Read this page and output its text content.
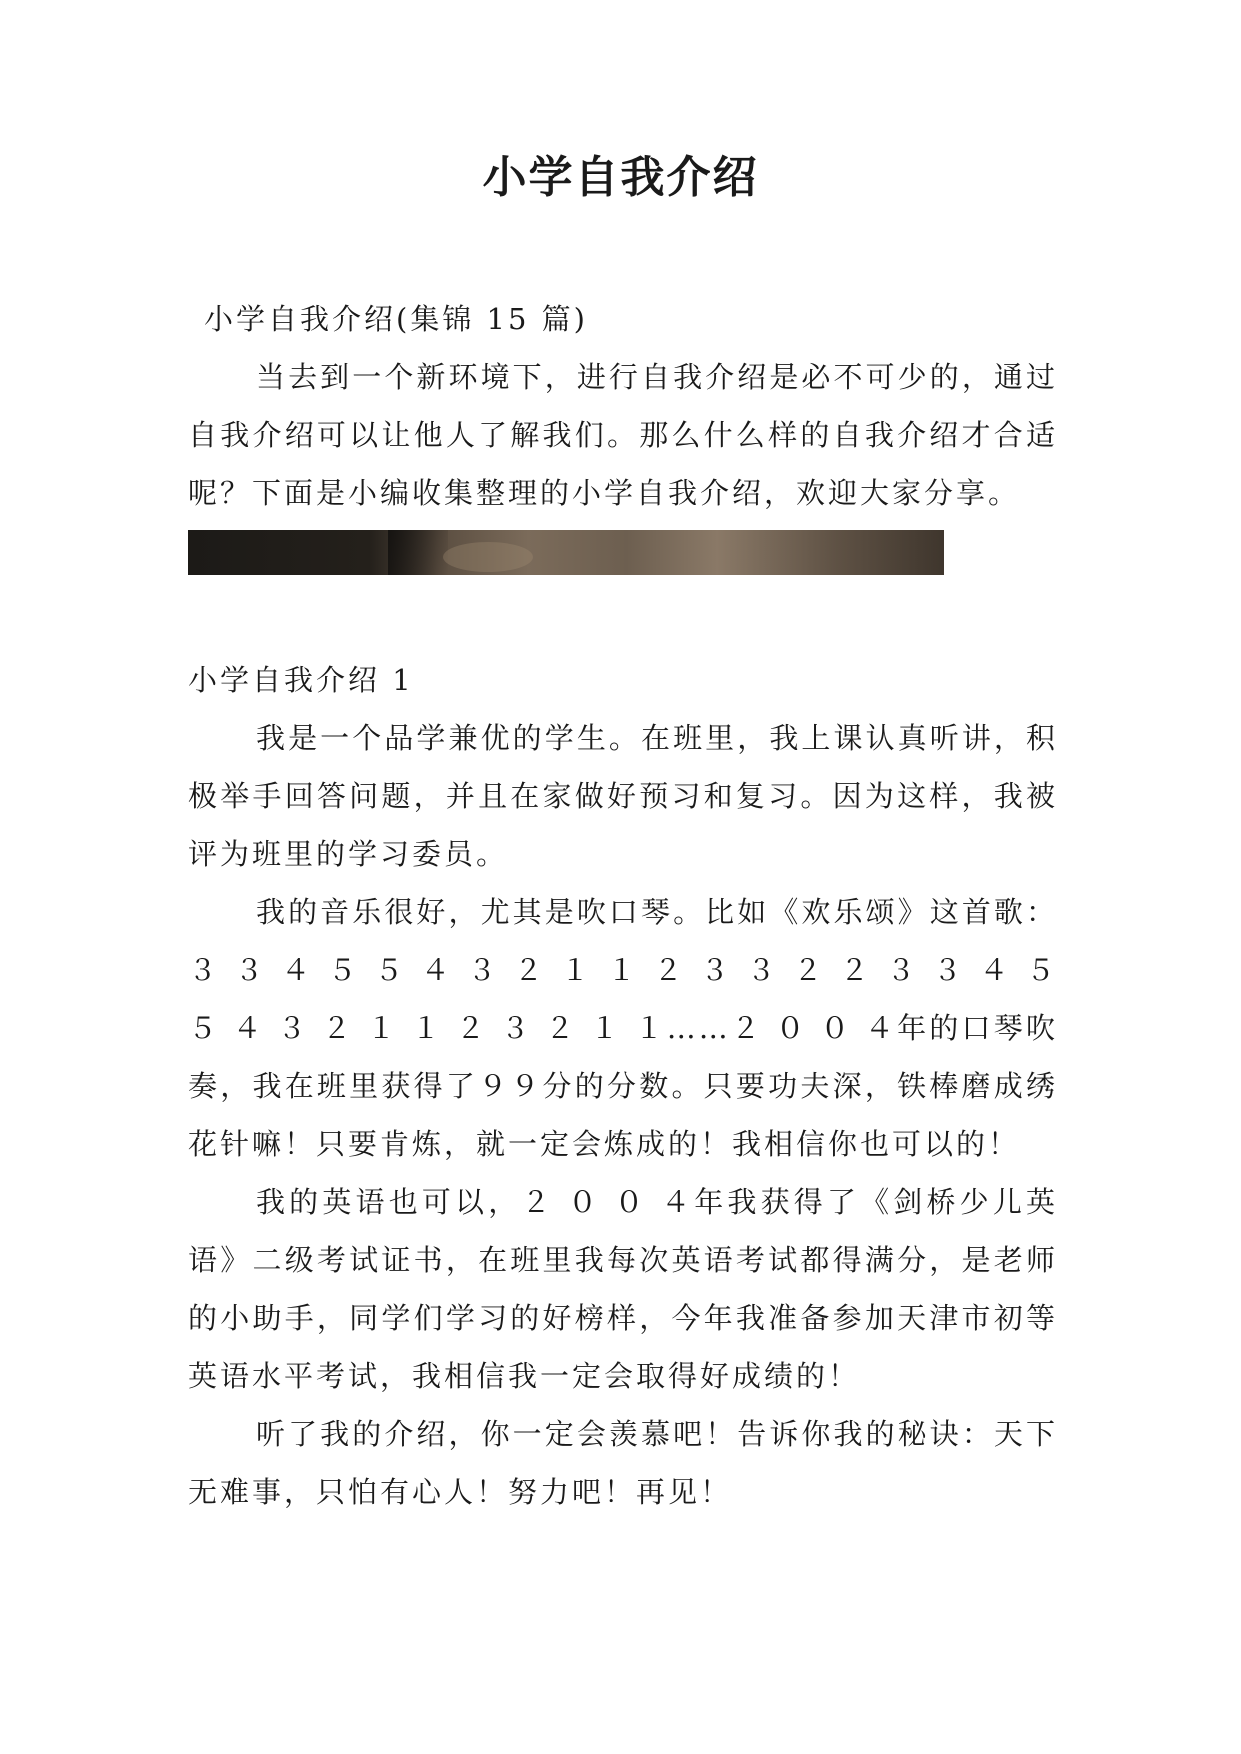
小学自我介绍

小学自我介绍(集锦 15 篇)

当去到一个新环境下，进行自我介绍是必不可少的，通过自我介绍可以让他人了解我们。那么什么样的自我介绍才合适呢？下面是小编收集整理的小学自我介绍，欢迎大家分享。

小学自我介绍 1

我是一个品学兼优的学生。在班里，我上课认真听讲，积极举手回答问题，并且在家做好预习和复习。因为这样，我被评为班里的学习委员。

我的音乐很好，尤其是吹口琴。比如《欢乐颂》这首歌：３ ３ ４ ５ ５ ４ ３ ２ １ １ ２ ３ ３ ２ ２ ３ ３ ４ ５ ５ ４ ３ ２ １ １ ２ ３ ２ １ １……２ ０ ０ ４年的口琴吹奏，我在班里获得了９９分的分数。只要功夫深，铁棒磨成绣花针嘛！只要肯炼，就一定会炼成的！我相信你也可以的！

我的英语也可以，２ ０ ０ ４年我获得了《剑桥少儿英语》二级考试证书，在班里我每次英语考试都得满分，是老师的小助手，同学们学习的好榜样，今年我准备参加天津市初等英语水平考试，我相信我一定会取得好成绩的！

听了我的介绍，你一定会羡慕吧！告诉你我的秘诀：天下无难事，只怕有心人！努力吧！再见！
